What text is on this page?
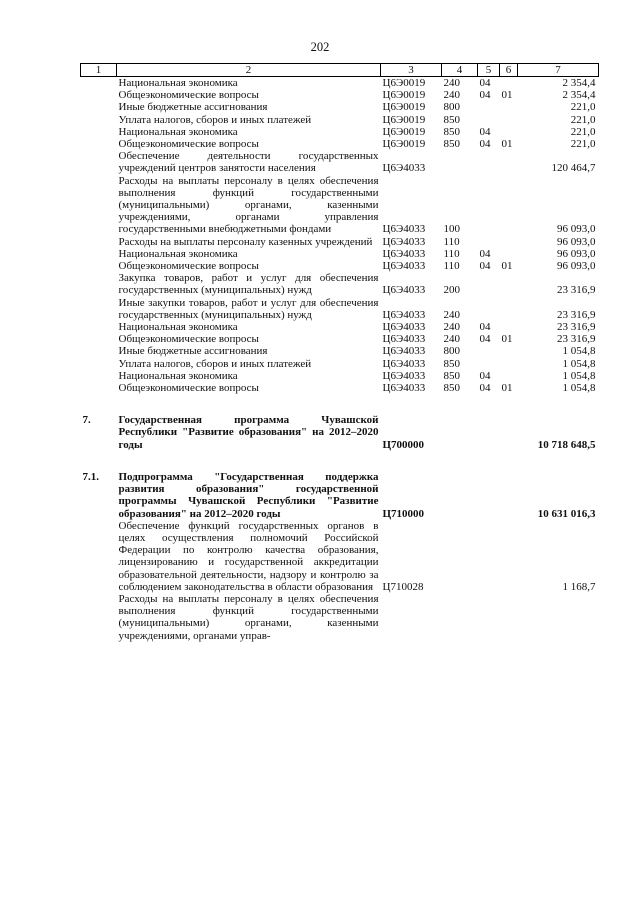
202
1	2	3	4	5	6	7
	Национальная экономика	Ц6Э0019	240	04		2 354,4
	Общеэкономические вопросы	Ц6Э0019	240	04	01	2 354,4
	Иные бюджетные ассигнования	Ц6Э0019	800			221,0
	Уплата налогов, сборов и иных платежей	Ц6Э0019	850			221,0
	Национальная экономика	Ц6Э0019	850	04		221,0
	Общеэкономические вопросы	Ц6Э0019	850	04	01	221,0
	Обеспечение деятельности государственных учреждений центров занятости населения	Ц6Э4033				120 464,7
	Расходы на выплаты персоналу в целях обеспечения выполнения функций государственными (муниципальными) органами, казенными учреждениями, органами управления государственными внебюджетными фондами	Ц6Э4033	100			96 093,0
	Расходы на выплаты персоналу казенных учреждений	Ц6Э4033	110			96 093,0
	Национальная экономика	Ц6Э4033	110	04		96 093,0
	Общеэкономические вопросы	Ц6Э4033	110	04	01	96 093,0
	Закупка товаров, работ и услуг для обеспечения государственных (муниципальных) нужд	Ц6Э4033	200			23 316,9
	Иные закупки товаров, работ и услуг для обеспечения государственных (муниципальных) нужд	Ц6Э4033	240			23 316,9
	Национальная экономика	Ц6Э4033	240	04		23 316,9
	Общеэкономические вопросы	Ц6Э4033	240	04	01	23 316,9
	Иные бюджетные ассигнования	Ц6Э4033	800			1 054,8
	Уплата налогов, сборов и иных платежей	Ц6Э4033	850			1 054,8
	Национальная экономика	Ц6Э4033	850	04		1 054,8
	Общеэкономические вопросы	Ц6Э4033	850	04	01	1 054,8

7.	Государственная программа Чувашской Республики "Развитие образования" на 2012–2020 годы	Ц700000				10 718 648,5

7.1.	Подпрограмма "Государственная поддержка развития образования" государственной программы Чувашской Республики "Развитие образования" на 2012–2020 годы	Ц710000				10 631 016,3
	Обеспечение функций государственных органов в целях осуществления полномочий Российской Федерации по контролю качества образования, лицензированию и государственной аккредитации образовательной деятельности, надзору и контролю за соблюдением законодательства в области образования	Ц710028				1 168,7
	Расходы на выплаты персоналу в целях обеспечения выполнения функций государственными (муниципальными) органами, казенными учреждениями, органами управ-					
